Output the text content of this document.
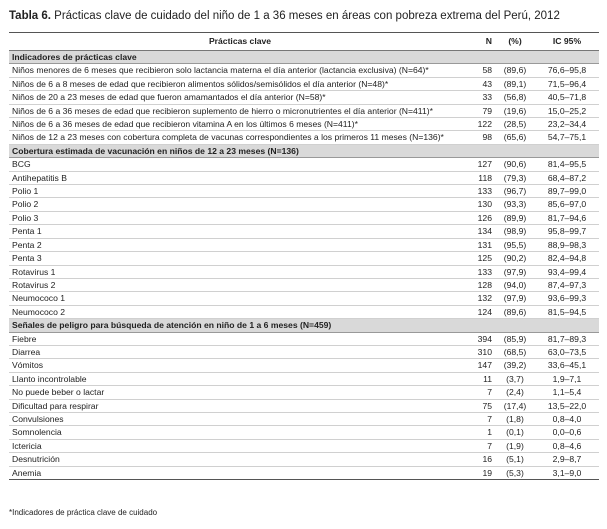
Tabla 6. Prácticas clave de cuidado del niño de 1 a 36 meses en áreas con pobreza extrema del Perú, 2012
Prácticas clave	N	(%)	IC 95%
Indicadores de prácticas clave			
Niños menores de 6 meses que recibieron solo lactancia materna el día anterior (lactancia exclusiva) (N=64)*	58	(89,6)	76,6–95,8
Niños de 6 a 8 meses de edad que recibieron alimentos sólidos/semisólidos el día anterior (N=48)*	43	(89,1)	71,5–96,4
Niños de 20 a 23 meses de edad que fueron amamantados el día anterior (N=58)*	33	(56,8)	40,5–71,8
Niños de 6 a 36 meses de edad que recibieron suplemento de hierro o micronutrientes el día anterior (N=411)*	79	(19,6)	15,0–25,2
Niños de 6 a 36 meses de edad que recibieron vitamina A en los últimos 6 meses (N=411)*	122	(28,5)	23,2–34,4
Niños de 12 a 23 meses con cobertura completa de vacunas correspondientes a los primeros 11 meses (N=136)*	98	(65,6)	54,7–75,1
Cobertura estimada de vacunación en niños de 12 a 23 meses (N=136)			
BCG	127	(90,6)	81,4–95,5
Antihepatitis B	118	(79,3)	68,4–87,2
Polio 1	133	(96,7)	89,7–99,0
Polio 2	130	(93,3)	85,6–97,0
Polio 3	126	(89,9)	81,7–94,6
Penta 1	134	(98,9)	95,8–99,7
Penta 2	131	(95,5)	88,9–98,3
Penta 3	125	(90,2)	82,4–94,8
Rotavirus 1	133	(97,9)	93,4–99,4
Rotavirus 2	128	(94,0)	87,4–97,3
Neumococo 1	132	(97,9)	93,6–99,3
Neumococo 2	124	(89,6)	81,5–94,5
Señales de peligro para búsqueda de atención en niño de 1 a 6 meses (N=459)			
Fiebre	394	(85,9)	81,7–89,3
Diarrea	310	(68,5)	63,0–73,5
Vómitos	147	(39,2)	33,6–45,1
Llanto incontrolable	11	(3,7)	1,9–7,1
No puede beber o lactar	7	(2,4)	1,1–5,4
Dificultad para respirar	75	(17,4)	13,5–22,0
Convulsiones	7	(1,8)	0,8–4,0
Somnolencia	1	(0,1)	0,0–0,6
Ictericia	7	(1,9)	0,8–4,6
Desnutrición	16	(5,1)	2,9–8,7
Anemia	19	(5,3)	3,1–9,0
*Indicadores de práctica clave de cuidado
